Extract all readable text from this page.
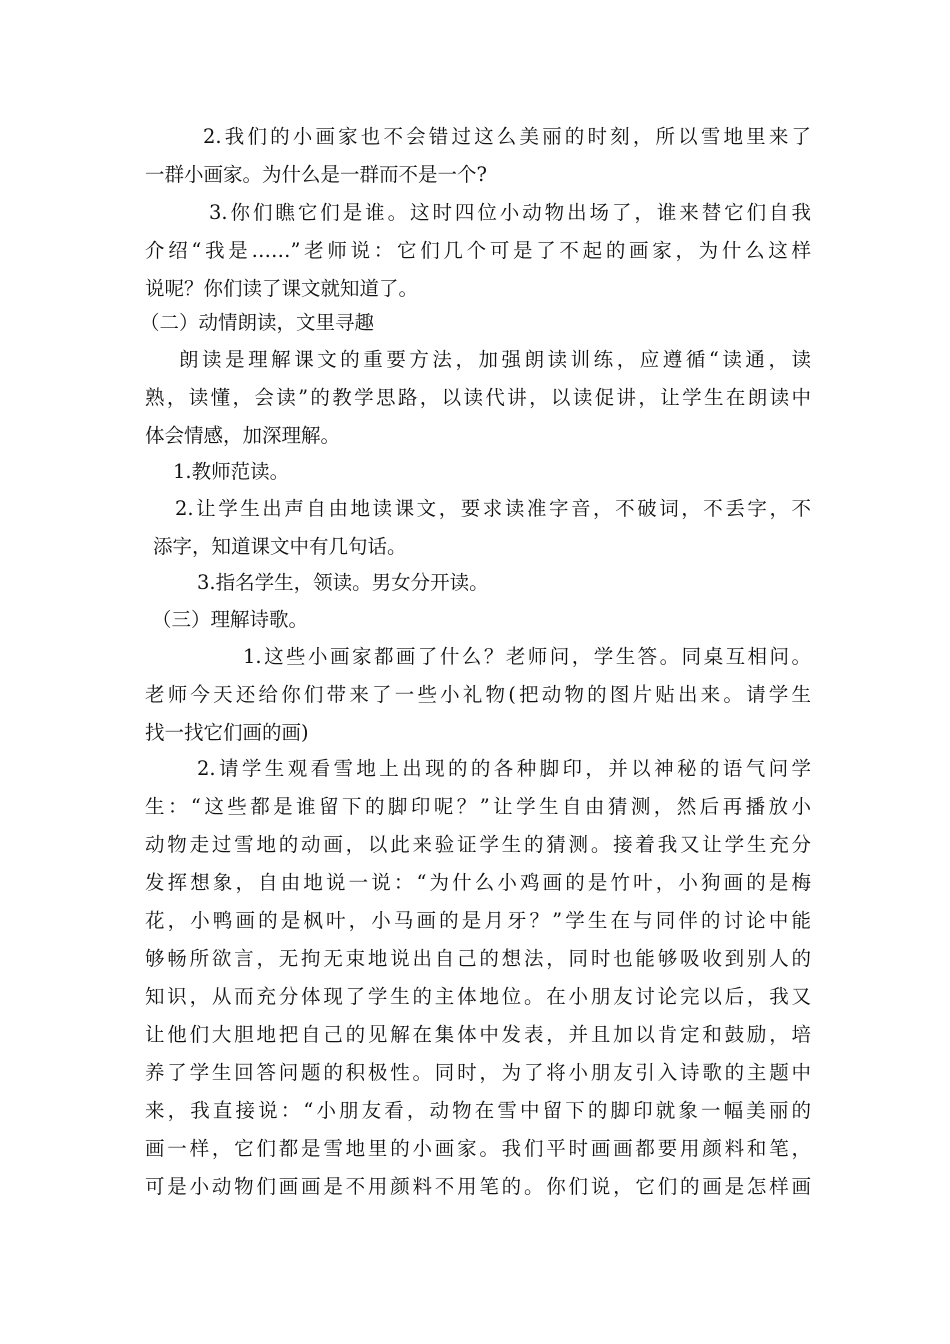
2.我们的小画家也不会错过这么美丽的时刻，所以雪地里来了
一群小画家。为什么是一群而不是一个?
3.你们瞧它们是谁。这时四位小动物出场了，谁来替它们自我
介绍“我是……”老师说：它们几个可是了不起的画家，为什么这样
说呢？你们读了课文就知道了。
（二）动情朗读，文里寻趣
朗读是理解课文的重要方法，加强朗读训练，应遵循“读通，读
熟，读懂，会读”的教学思路，以读代讲，以读促讲，让学生在朗读中
体会情感，加深理解。
1.教师范读。
2.让学生出声自由地读课文，要求读准字音，不破词，不丢字，不
添字，知道课文中有几句话。
3.指名学生，领读。男女分开读。
（三）理解诗歌。
1.这些小画家都画了什么？老师问，学生答。同桌互相问。
老师今天还给你们带来了一些小礼物(把动物的图片贴出来。请学生
找一找它们画的画)
2.请学生观看雪地上出现的的各种脚印，并以神秘的语气问学
生：“这些都是谁留下的脚印呢？”让学生自由猜测，然后再播放小
动物走过雪地的动画，以此来验证学生的猜测。接着我又让学生充分
发挥想象，自由地说一说：“为什么小鸡画的是竹叶，小狗画的是梅
花，小鸭画的是枫叶，小马画的是月牙？”学生在与同伴的讨论中能
够畅所欲言，无拘无束地说出自己的想法，同时也能够吸收到别人的
知识，从而充分体现了学生的主体地位。在小朋友讨论完以后，我又
让他们大胆地把自己的见解在集体中发表，并且加以肯定和鼓励，培
养了学生回答问题的积极性。同时，为了将小朋友引入诗歌的主题中
来，我直接说：“小朋友看，动物在雪中留下的脚印就象一幅美丽的
画一样，它们都是雪地里的小画家。我们平时画画都要用颜料和笔，
可是小动物们画画是不用颜料不用笔的。你们说，它们的画是怎样画
